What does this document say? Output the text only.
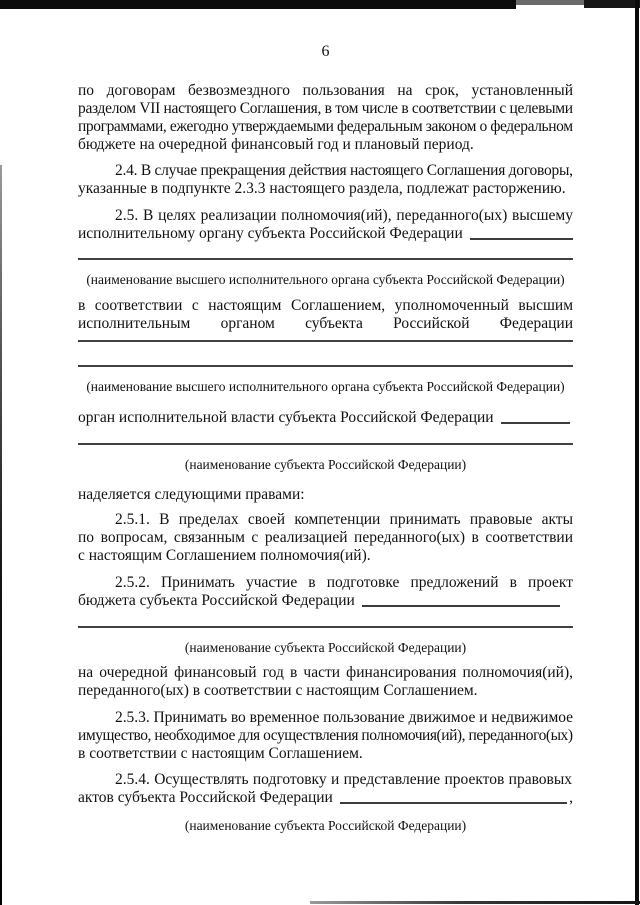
6
по договорам безвозмездного пользования на срок, установленный
разделом VII настоящего Соглашения, в том числе в соответствии с целевыми
программами, ежегодно утверждаемыми федеральным законом о федеральном
бюджете на очередной финансовый год и плановый период.
2.4. В случае прекращения действия настоящего Соглашения договоры,
указанные в подпункте 2.3.3 настоящего раздела, подлежат расторжению.
2.5. В целях реализации полномочия(ий), переданного(ых) высшему
исполнительному органу субъекта Российской Федерации
(наименование высшего исполнительного органа субъекта Российской Федерации)
в соответствии с настоящим Соглашением, уполномоченный высшим
исполнительным органом субъекта Российской Федерации
(наименование высшего исполнительного органа субъекта Российской Федерации)
орган исполнительной власти субъекта Российской Федерации
(наименование субъекта Российской Федерации)
наделяется следующими правами:
2.5.1. В пределах своей компетенции принимать правовые акты
по вопросам, связанным с реализацией переданного(ых) в соответствии
с настоящим Соглашением полномочия(ий).
2.5.2. Принимать участие в подготовке предложений в проект
бюджета субъекта Российской Федерации
(наименование субъекта Российской Федерации)
на очередной финансовый год в части финансирования полномочия(ий),
переданного(ых) в соответствии с настоящим Соглашением.
2.5.3. Принимать во временное пользование движимое и недвижимое
имущество, необходимое для осуществления полномочия(ий), переданного(ых)
в соответствии с настоящим Соглашением.
2.5.4. Осуществлять подготовку и представление проектов правовых
актов субъекта Российской Федерации	,
(наименование субъекта Российской Федерации)
